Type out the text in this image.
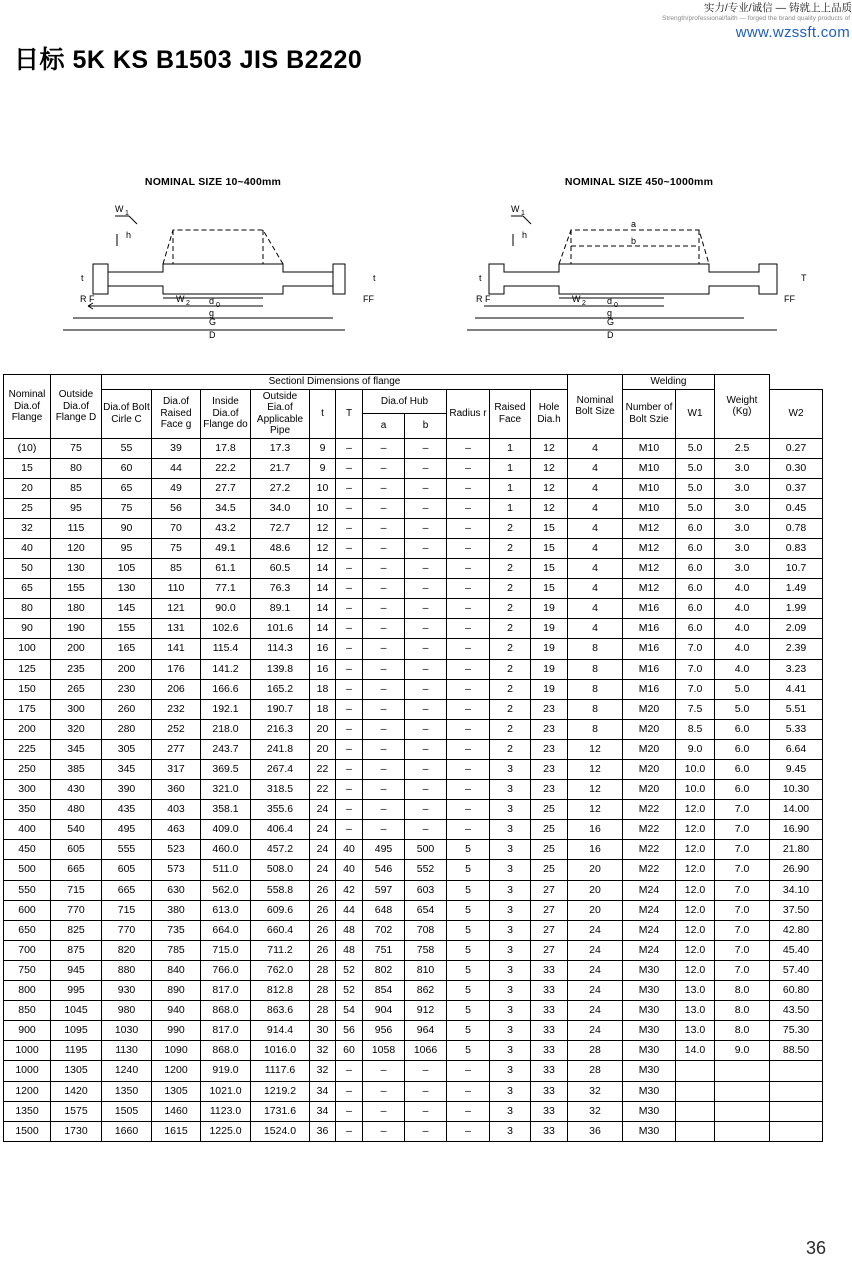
实力/专业/诚信 — 铸就上上品质
Strength/professional/faith — forged the brand quality products of
www.wzssft.com
日标 5K KS B1503 JIS B2220
NOMINAL SIZE 10~400mm
W 1
h
t	t
R F	FF
W 2 d 0
g
G
D
NOMINAL SIZE 450~1000mm
W 1
h
t	T
R F	FF
W 2 d 0
g
G
D
a
b
Nominal Dia.of Flange	Outside Dia.of Flange D	Sectionl Dimensions of flange											Nominal Bolt Size	Welding		Weight (Kg)	
		Dia.of BoIt Cirle C	Dia.of Raised Face g	Inside Dia.of Flange do	Outside Eia.of Applicable Pipe	t	T	Dia.of Hub		Radius r	Raised Face	Hole Dia.h		Number of Bolt Szie	W1		W2
								a	b								
(10)	75	55	39	17.8	17.3	9	–	–	–	–	1	12	4	M10	5.0	2.5	0.27
15	80	60	44	22.2	21.7	9	–	–	–	–	1	12	4	M10	5.0	3.0	0.30
20	85	65	49	27.7	27.2	10	–	–	–	–	1	12	4	M10	5.0	3.0	0.37
25	95	75	56	34.5	34.0	10	–	–	–	–	1	12	4	M10	5.0	3.0	0.45
32	115	90	70	43.2	72.7	12	–	–	–	–	2	15	4	M12	6.0	3.0	0.78
40	120	95	75	49.1	48.6	12	–	–	–	–	2	15	4	M12	6.0	3.0	0.83
50	130	105	85	61.1	60.5	14	–	–	–	–	2	15	4	M12	6.0	3.0	10.7
65	155	130	110	77.1	76.3	14	–	–	–	–	2	15	4	M12	6.0	4.0	1.49
80	180	145	121	90.0	89.1	14	–	–	–	–	2	19	4	M16	6.0	4.0	1.99
90	190	155	131	102.6	101.6	14	–	–	–	–	2	19	4	M16	6.0	4.0	2.09
100	200	165	141	115.4	114.3	16	–	–	–	–	2	19	8	M16	7.0	4.0	2.39
125	235	200	176	141.2	139.8	16	–	–	–	–	2	19	8	M16	7.0	4.0	3.23
150	265	230	206	166.6	165.2	18	–	–	–	–	2	19	8	M16	7.0	5.0	4.41
175	300	260	232	192.1	190.7	18	–	–	–	–	2	23	8	M20	7.5	5.0	5.51
200	320	280	252	218.0	216.3	20	–	–	–	–	2	23	8	M20	8.5	6.0	5.33
225	345	305	277	243.7	241.8	20	–	–	–	–	2	23	12	M20	9.0	6.0	6.64
250	385	345	317	369.5	267.4	22	–	–	–	–	3	23	12	M20	10.0	6.0	9.45
300	430	390	360	321.0	318.5	22	–	–	–	–	3	23	12	M20	10.0	6.0	10.30
350	480	435	403	358.1	355.6	24	–	–	–	–	3	25	12	M22	12.0	7.0	14.00
400	540	495	463	409.0	406.4	24	–	–	–	–	3	25	16	M22	12.0	7.0	16.90
450	605	555	523	460.0	457.2	24	40	495	500	5	3	25	16	M22	12.0	7.0	21.80
500	665	605	573	511.0	508.0	24	40	546	552	5	3	25	20	M22	12.0	7.0	26.90
550	715	665	630	562.0	558.8	26	42	597	603	5	3	27	20	M24	12.0	7.0	34.10
600	770	715	380	613.0	609.6	26	44	648	654	5	3	27	20	M24	12.0	7.0	37.50
650	825	770	735	664.0	660.4	26	48	702	708	5	3	27	24	M24	12.0	7.0	42.80
700	875	820	785	715.0	711.2	26	48	751	758	5	3	27	24	M24	12.0	7.0	45.40
750	945	880	840	766.0	762.0	28	52	802	810	5	3	33	24	M30	12.0	7.0	57.40
800	995	930	890	817.0	812.8	28	52	854	862	5	3	33	24	M30	13.0	8.0	60.80
850	1045	980	940	868.0	863.6	28	54	904	912	5	3	33	24	M30	13.0	8.0	43.50
900	1095	1030	990	817.0	914.4	30	56	956	964	5	3	33	24	M30	13.0	8.0	75.30
1000	1195	1130	1090	868.0	1016.0	32	60	1058	1066	5	3	33	28	M30	14.0	9.0	88.50
1000	1305	1240	1200	919.0	1117.6	32	–	–	–	–	3	33	28	M30			
1200	1420	1350	1305	1021.0	1219.2	34	–	–	–	–	3	33	32	M30			
1350	1575	1505	1460	1123.0	1731.6	34	–	–	–	–	3	33	32	M30			
1500	1730	1660	1615	1225.0	1524.0	36	–	–	–	–	3	33	36	M30			
36
